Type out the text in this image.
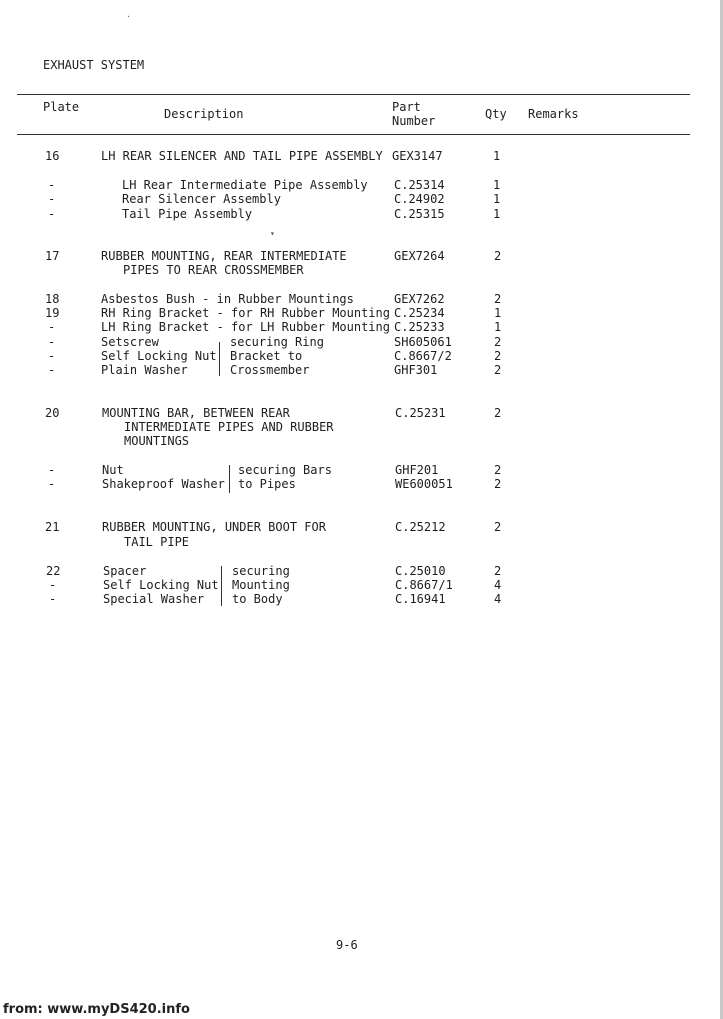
EXHAUST SYSTEM
Plate	Description	Part
Number	Qty Remarks
16	LH REAR SILENCER AND TAIL PIPE ASSEMBLY GEX3147	1
-	LH Rear Intermediate Pipe Assembly C.25314	1
-	Rear Silencer Assembly	C.24902	1
-	Tail Pipe Assembly	C.25315	1
17	RUBBER MOUNTING, REAR INTERMEDIATE	GEX7264	2
PIPES TO REAR CROSSMEMBER
18	Asbestos Bush - in Rubber Mountings	GEX7262	2
19	RH Ring Bracket - for RH Rubber Mounting C.25234	1
-	LH Ring Bracket - for LH Rubber Mounting C.25233	1
-	Setscrew	securing Ring	SH605061	2
-	Self Locking Nut Bracket to	C.8667/2	2
-	Plain Washer	Crossmember	GHF301	2
20	MOUNTING BAR, BETWEEN REAR	C.25231	2
INTERMEDIATE PIPES AND RUBBER
MOUNTINGS
-	Nut	securing Bars	GHF201	2
-	Shakeproof Washer to Pipes	WE600051	2
21	RUBBER MOUNTING, UNDER BOOT FOR	C.25212	2
TAIL PIPE
22	Spacer	securing	C.25010	2
-	Self Locking Nut Mounting	C.8667/1	4
-	Special Washer to Body	C.16941	4
·
▾
9-6
from: www.myDS420.info
